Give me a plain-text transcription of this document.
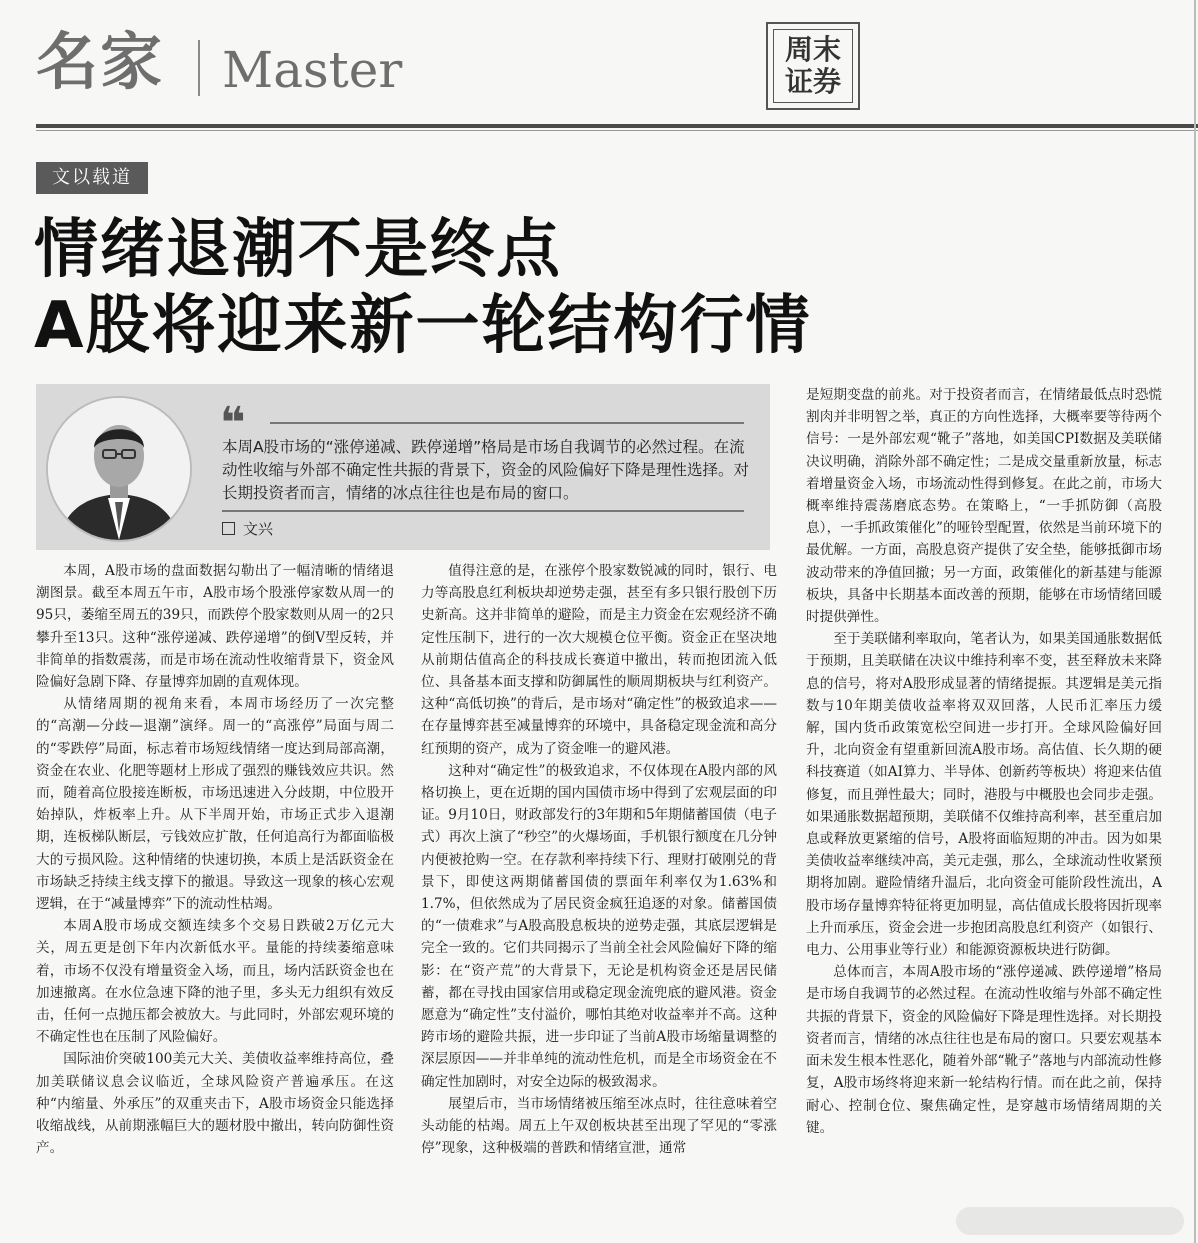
名家 Master	周末
证券
文以载道
情绪退潮不是终点
A股将迎来新一轮结构行情
❝
本周A股市场的“涨停递减、跌停递增”格局是市场自我调节的必然过程。在流动性收缩与外部不确定性共振的背景下，资金的风险偏好下降是理性选择。对长期投资者而言，情绪的冰点往往也是布局的窗口。
文兴

本周，A股市场的盘面数据勾勒出了一幅清晰的情绪退潮图景。截至本周五午市，A股市场个股涨停家数从周一的95只，萎缩至周五的39只，而跌停个股家数则从周一的2只攀升至13只。这种“涨停递减、跌停递增”的倒V型反转，并非简单的指数震荡，而是市场在流动性收缩背景下，资金风险偏好急剧下降、存量博弈加剧的直观体现。

从情绪周期的视角来看，本周市场经历了一次完整的“高潮—分歧—退潮”演绎。周一的“高涨停”局面与周二的“零跌停”局面，标志着市场短线情绪一度达到局部高潮，资金在农业、化肥等题材上形成了强烈的赚钱效应共识。然而，随着高位股接连断板，市场迅速进入分歧期，中位股开始掉队，炸板率上升。从下半周开始，市场正式步入退潮期，连板梯队断层，亏钱效应扩散，任何追高行为都面临极大的亏损风险。这种情绪的快速切换，本质上是活跃资金在市场缺乏持续主线支撑下的撤退。导致这一现象的核心宏观逻辑，在于“减量博弈”下的流动性枯竭。

本周A股市场成交额连续多个交易日跌破2万亿元大关，周五更是创下年内次新低水平。量能的持续萎缩意味着，市场不仅没有增量资金入场，而且，场内活跃资金也在加速撤离。在水位急速下降的池子里，多头无力组织有效反击，任何一点抛压都会被放大。与此同时，外部宏观环境的不确定性也在压制了风险偏好。

国际油价突破100美元大关、美债收益率维持高位，叠加美联储议息会议临近，全球风险资产普遍承压。在这种“内缩量、外承压”的双重夹击下，A股市场资金只能选择收缩战线，从前期涨幅巨大的题材股中撤出，转向防御性资产。

值得注意的是，在涨停个股家数锐减的同时，银行、电力等高股息红利板块却逆势走强，甚至有多只银行股创下历史新高。这并非简单的避险，而是主力资金在宏观经济不确定性压制下，进行的一次大规模仓位平衡。资金正在坚决地从前期估值高企的科技成长赛道中撤出，转而抱团流入低位、具备基本面支撑和防御属性的顺周期板块与红利资产。这种“高低切换”的背后，是市场对“确定性”的极致追求——在存量博弈甚至减量博弈的环境中，具备稳定现金流和高分红预期的资产，成为了资金唯一的避风港。

这种对“确定性”的极致追求，不仅体现在A股内部的风格切换上，更在近期的国内国债市场中得到了宏观层面的印证。9月10日，财政部发行的3年期和5年期储蓄国债（电子式）再次上演了“秒空”的火爆场面，手机银行额度在几分钟内便被抢购一空。在存款利率持续下行、理财打破刚兑的背景下，即使这两期储蓄国债的票面年利率仅为1.63%和1.7%，但依然成为了居民资金疯狂追逐的对象。储蓄国债的“一债难求”与A股高股息板块的逆势走强，其底层逻辑是完全一致的。它们共同揭示了当前全社会风险偏好下降的缩影：在“资产荒”的大背景下，无论是机构资金还是居民储蓄，都在寻找由国家信用或稳定现金流兜底的避风港。资金愿意为“确定性”支付溢价，哪怕其绝对收益率并不高。这种跨市场的避险共振，进一步印证了当前A股市场缩量调整的深层原因——并非单纯的流动性危机，而是全市场资金在不确定性加剧时，对安全边际的极致渴求。

展望后市，当市场情绪被压缩至冰点时，往往意味着空头动能的枯竭。周五上午双创板块甚至出现了罕见的“零涨停”现象，这种极端的普跌和情绪宣泄，通常

是短期变盘的前兆。对于投资者而言，在情绪最低点时恐慌割肉并非明智之举，真正的方向性选择，大概率要等待两个信号：一是外部宏观“靴子”落地，如美国CPI数据及美联储决议明确，消除外部不确定性；二是成交量重新放量，标志着增量资金入场，市场流动性得到修复。在此之前，市场大概率维持震荡磨底态势。在策略上，“一手抓防御（高股息），一手抓政策催化”的哑铃型配置，依然是当前环境下的最优解。一方面，高股息资产提供了安全垫，能够抵御市场波动带来的净值回撤；另一方面，政策催化的新基建与能源板块，具备中长期基本面改善的预期，能够在市场情绪回暖时提供弹性。

至于美联储利率取向，笔者认为，如果美国通胀数据低于预期，且美联储在决议中维持利率不变，甚至释放未来降息的信号，将对A股形成显著的情绪提振。其逻辑是美元指数与10年期美债收益率将双双回落，人民币汇率压力缓解，国内货币政策宽松空间进一步打开。全球风险偏好回升，北向资金有望重新回流A股市场。高估值、长久期的硬科技赛道（如AI算力、半导体、创新药等板块）将迎来估值修复，而且弹性最大；同时，港股与中概股也会同步走强。如果通胀数据超预期，美联储不仅维持高利率，甚至重启加息或释放更紧缩的信号，A股将面临短期的冲击。因为如果美债收益率继续冲高，美元走强，那么，全球流动性收紧预期将加剧。避险情绪升温后，北向资金可能阶段性流出，A股市场存量博弈特征将更加明显，高估值成长股将因折现率上升而承压，资金会进一步抱团高股息红利资产（如银行、电力、公用事业等行业）和能源资源板块进行防御。

总体而言，本周A股市场的“涨停递减、跌停递增”格局是市场自我调节的必然过程。在流动性收缩与外部不确定性共振的背景下，资金的风险偏好下降是理性选择。对长期投资者而言，情绪的冰点往往也是布局的窗口。只要宏观基本面未发生根本性恶化，随着外部“靴子”落地与内部流动性修复，A股市场终将迎来新一轮结构行情。而在此之前，保持耐心、控制仓位、聚焦确定性，是穿越市场情绪周期的关键。
